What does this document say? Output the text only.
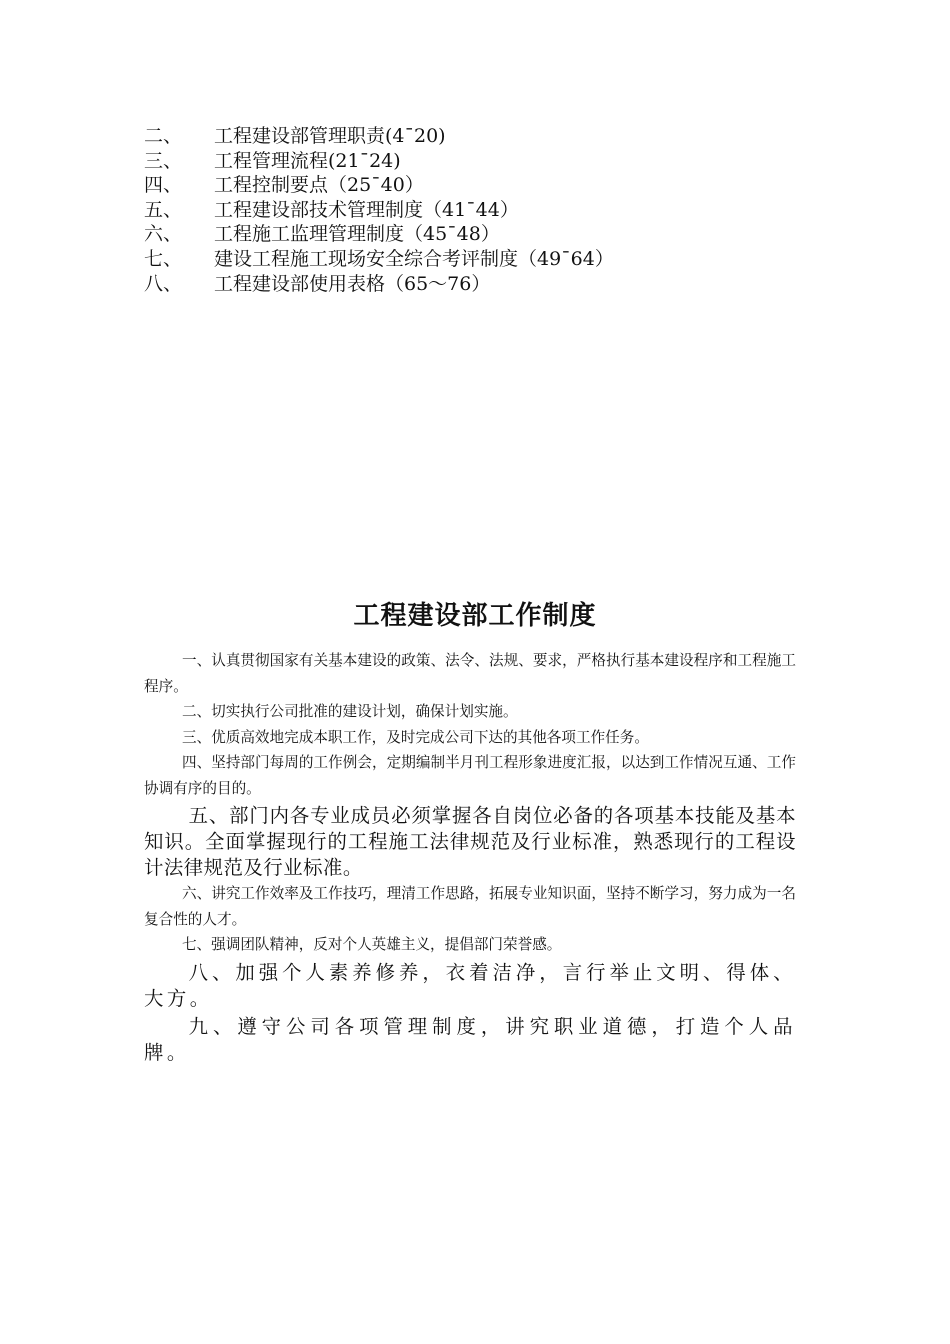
二、 工程建设部管理职责(4¯20)
三、 工程管理流程(21¯24)
四、 工程控制要点（25¯40）
五、 工程建设部技术管理制度（41¯44）
六、 工程施工监理管理制度（45¯48）
七、 建设工程施工现场安全综合考评制度（49¯64）
八、 工程建设部使用表格（65～76）
工程建设部工作制度

一、认真贯彻国家有关基本建设的政策、法令、法规、要求，严格执行基本建设程序和工程施工程序。

二、切实执行公司批准的建设计划，确保计划实施。

三、优质高效地完成本职工作，及时完成公司下达的其他各项工作任务。

四、坚持部门每周的工作例会，定期编制半月刊工程形象进度汇报，以达到工作情况互通、工作协调有序的目的。

五、部门内各专业成员必须掌握各自岗位必备的各项基本技能及基本知识。全面掌握现行的工程施工法律规范及行业标准，熟悉现行的工程设计法律规范及行业标准。

六、讲究工作效率及工作技巧，理清工作思路，拓展专业知识面，坚持不断学习，努力成为一名复合性的人才。

七、强调团队精神，反对个人英雄主义，提倡部门荣誉感。

八、加强个人素养修养，衣着洁净，言行举止文明、得体、大方。

九、遵守公司各项管理制度，讲究职业道德，打造个人品牌。
